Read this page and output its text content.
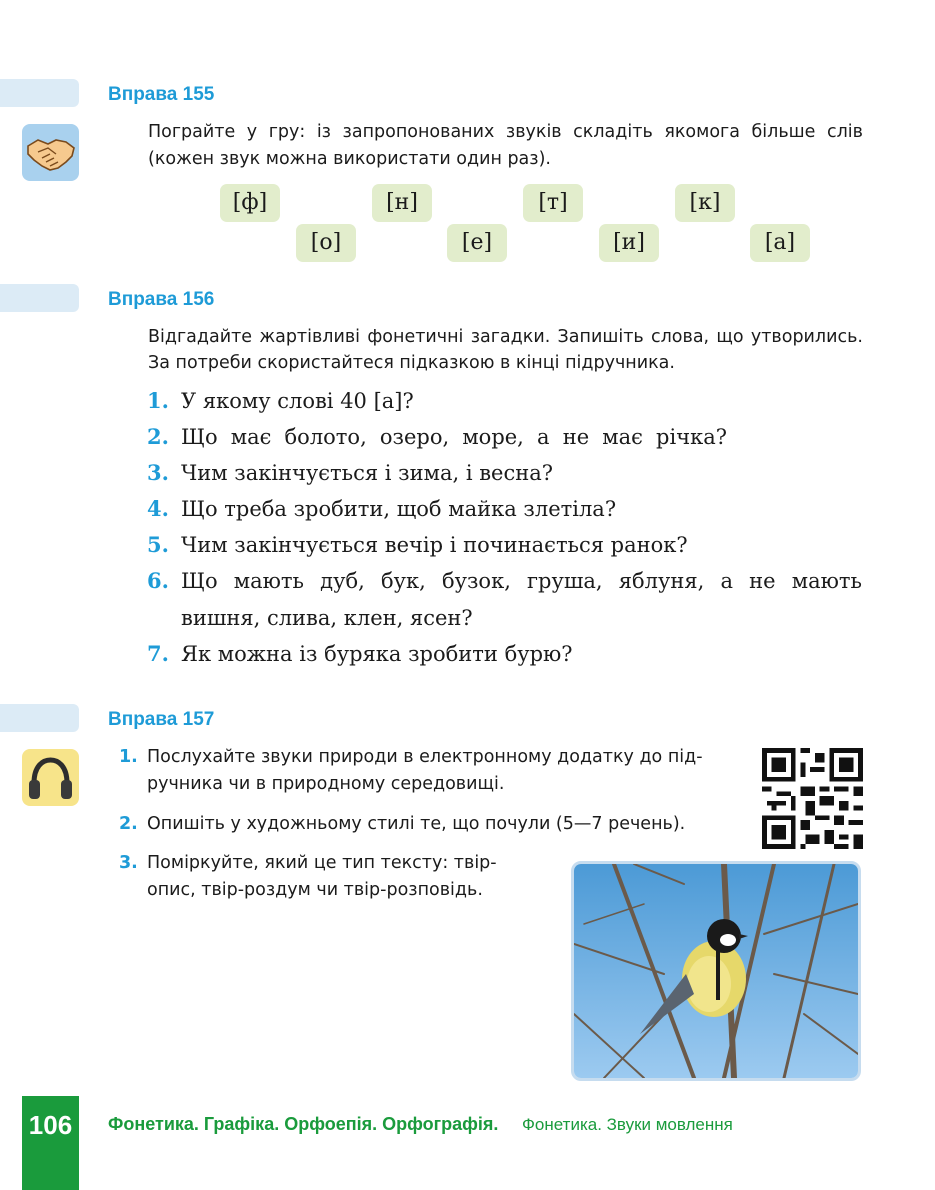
Вправа 155
Пограйте у гру: із запропонованих звуків складіть якомога більше слів
(кожен звук можна використати один раз).
[ф]	[н]	[т]	[к]
[о]	[е]	[и]	[а]
Вправа 156
Відгадайте жартівливі фонетичні загадки. Запишіть слова, що утворились.
За потреби скористайтеся підказкою в кінці підручника.
1. У якому слові 40 [а]?
2. Що має болото, озеро, море, а не має річка?
3. Чим закінчується і зима, і весна?
4. Що треба зробити, щоб майка злетіла?
5. Чим закінчується вечір і починається ранок?
6. Що мають дуб, бук, бузок, груша, яблуня, а не мають
вишня, слива, клен, ясен?
7. Як можна із буряка зробити бурю?
Вправа 157
1. Послухайте звуки природи в електронному додатку до під-
ручника чи в природному середовищі.
2. Опишіть у художньому стилі те, що почули (5—7 речень).
3. Поміркуйте, який це тип тексту: твір-
опис, твір-роздум чи твір-розповідь.
106	Фонетика. Графіка. Орфоепія. Орфографія. Фонетика. Звуки мовлення
